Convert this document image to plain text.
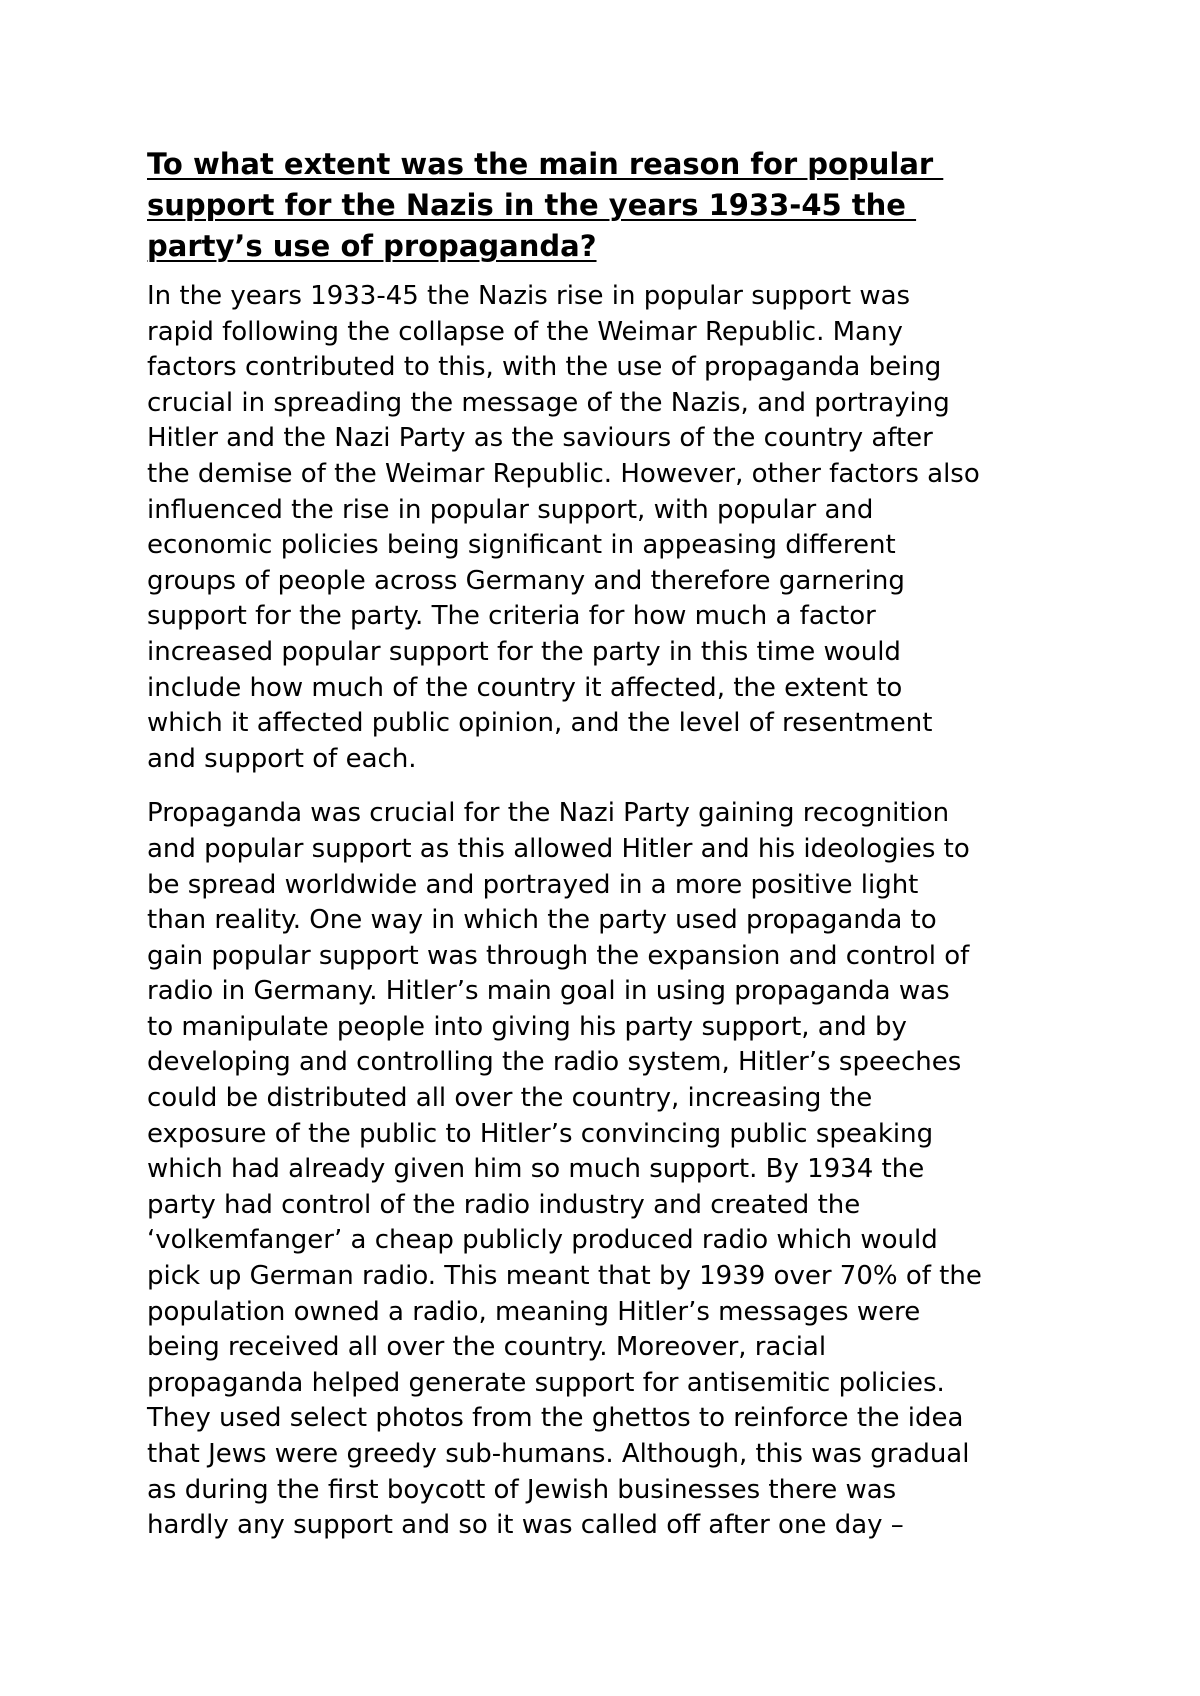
To what extent was the main reason for popular
support for the Nazis in the years 1933-45 the
party’s use of propaganda?

In the years 1933-45 the Nazis rise in popular support was
rapid following the collapse of the Weimar Republic. Many
factors contributed to this, with the use of propaganda being
crucial in spreading the message of the Nazis, and portraying
Hitler and the Nazi Party as the saviours of the country after
the demise of the Weimar Republic. However, other factors also
influenced the rise in popular support, with popular and
economic policies being significant in appeasing different
groups of people across Germany and therefore garnering
support for the party. The criteria for how much a factor
increased popular support for the party in this time would
include how much of the country it affected, the extent to
which it affected public opinion, and the level of resentment
and support of each.

Propaganda was crucial for the Nazi Party gaining recognition
and popular support as this allowed Hitler and his ideologies to
be spread worldwide and portrayed in a more positive light
than reality. One way in which the party used propaganda to
gain popular support was through the expansion and control of
radio in Germany. Hitler’s main goal in using propaganda was
to manipulate people into giving his party support, and by
developing and controlling the radio system, Hitler’s speeches
could be distributed all over the country, increasing the
exposure of the public to Hitler’s convincing public speaking
which had already given him so much support. By 1934 the
party had control of the radio industry and created the
‘volkemfanger’ a cheap publicly produced radio which would
pick up German radio. This meant that by 1939 over 70% of the
population owned a radio, meaning Hitler’s messages were
being received all over the country. Moreover, racial
propaganda helped generate support for antisemitic policies.
They used select photos from the ghettos to reinforce the idea
that Jews were greedy sub-humans. Although, this was gradual
as during the first boycott of Jewish businesses there was
hardly any support and so it was called off after one day –
